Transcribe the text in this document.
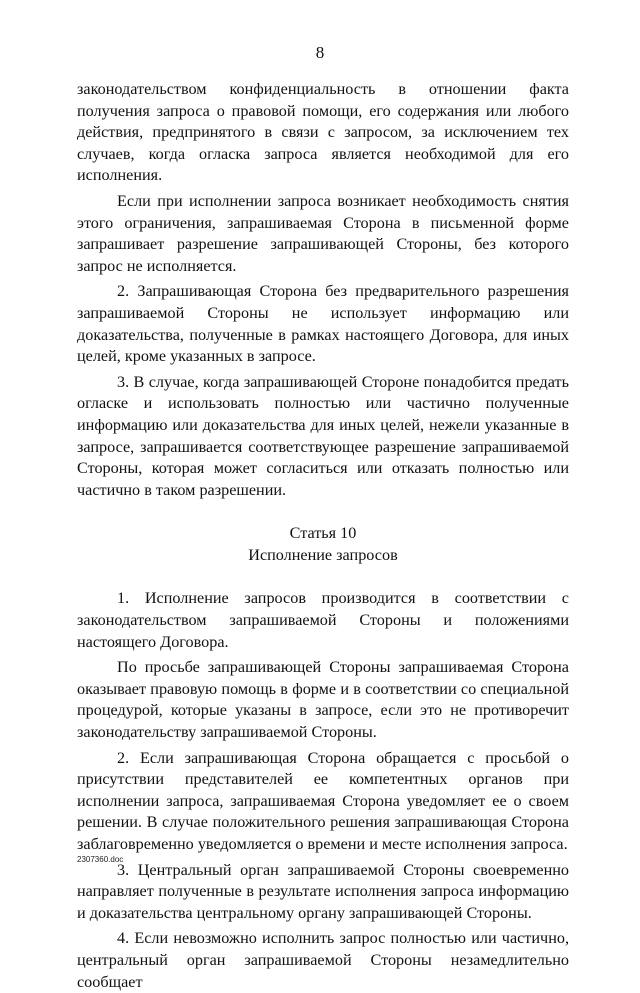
8

законодательством конфиденциальность в отношении факта получения запроса о правовой помощи, его содержания или любого действия, предпринятого в связи с запросом, за исключением тех случаев, когда огласка запроса является необходимой для его исполнения.

Если при исполнении запроса возникает необходимость снятия этого ограничения, запрашиваемая Сторона в письменной форме запрашивает разрешение запрашивающей Стороны, без которого запрос не исполняется.

2. Запрашивающая Сторона без предварительного разрешения запрашиваемой Стороны не использует информацию или доказательства, полученные в рамках настоящего Договора, для иных целей, кроме указанных в запросе.

3. В случае, когда запрашивающей Стороне понадобится предать огласке и использовать полностью или частично полученные информацию или доказательства для иных целей, нежели указанные в запросе, запрашивается соответствующее разрешение запрашиваемой Стороны, которая может согласиться или отказать полностью или частично в таком разрешении.

Статья 10
Исполнение запросов

1. Исполнение запросов производится в соответствии с законодательством запрашиваемой Стороны и положениями настоящего Договора.

По просьбе запрашивающей Стороны запрашиваемая Сторона оказывает правовую помощь в форме и в соответствии со специальной процедурой, которые указаны в запросе, если это не противоречит законодательству запрашиваемой Стороны.

2. Если запрашивающая Сторона обращается с просьбой о присутствии представителей ее компетентных органов при исполнении запроса, запрашиваемая Сторона уведомляет ее о своем решении. В случае положительного решения запрашивающая Сторона заблаговременно уведомляется о времени и месте исполнения запроса.

3. Центральный орган запрашиваемой Стороны своевременно направляет полученные в результате исполнения запроса информацию и доказательства центральному органу запрашивающей Стороны.

4. Если невозможно исполнить запрос полностью или частично, центральный орган запрашиваемой Стороны незамедлительно сообщает

2307360.doc
